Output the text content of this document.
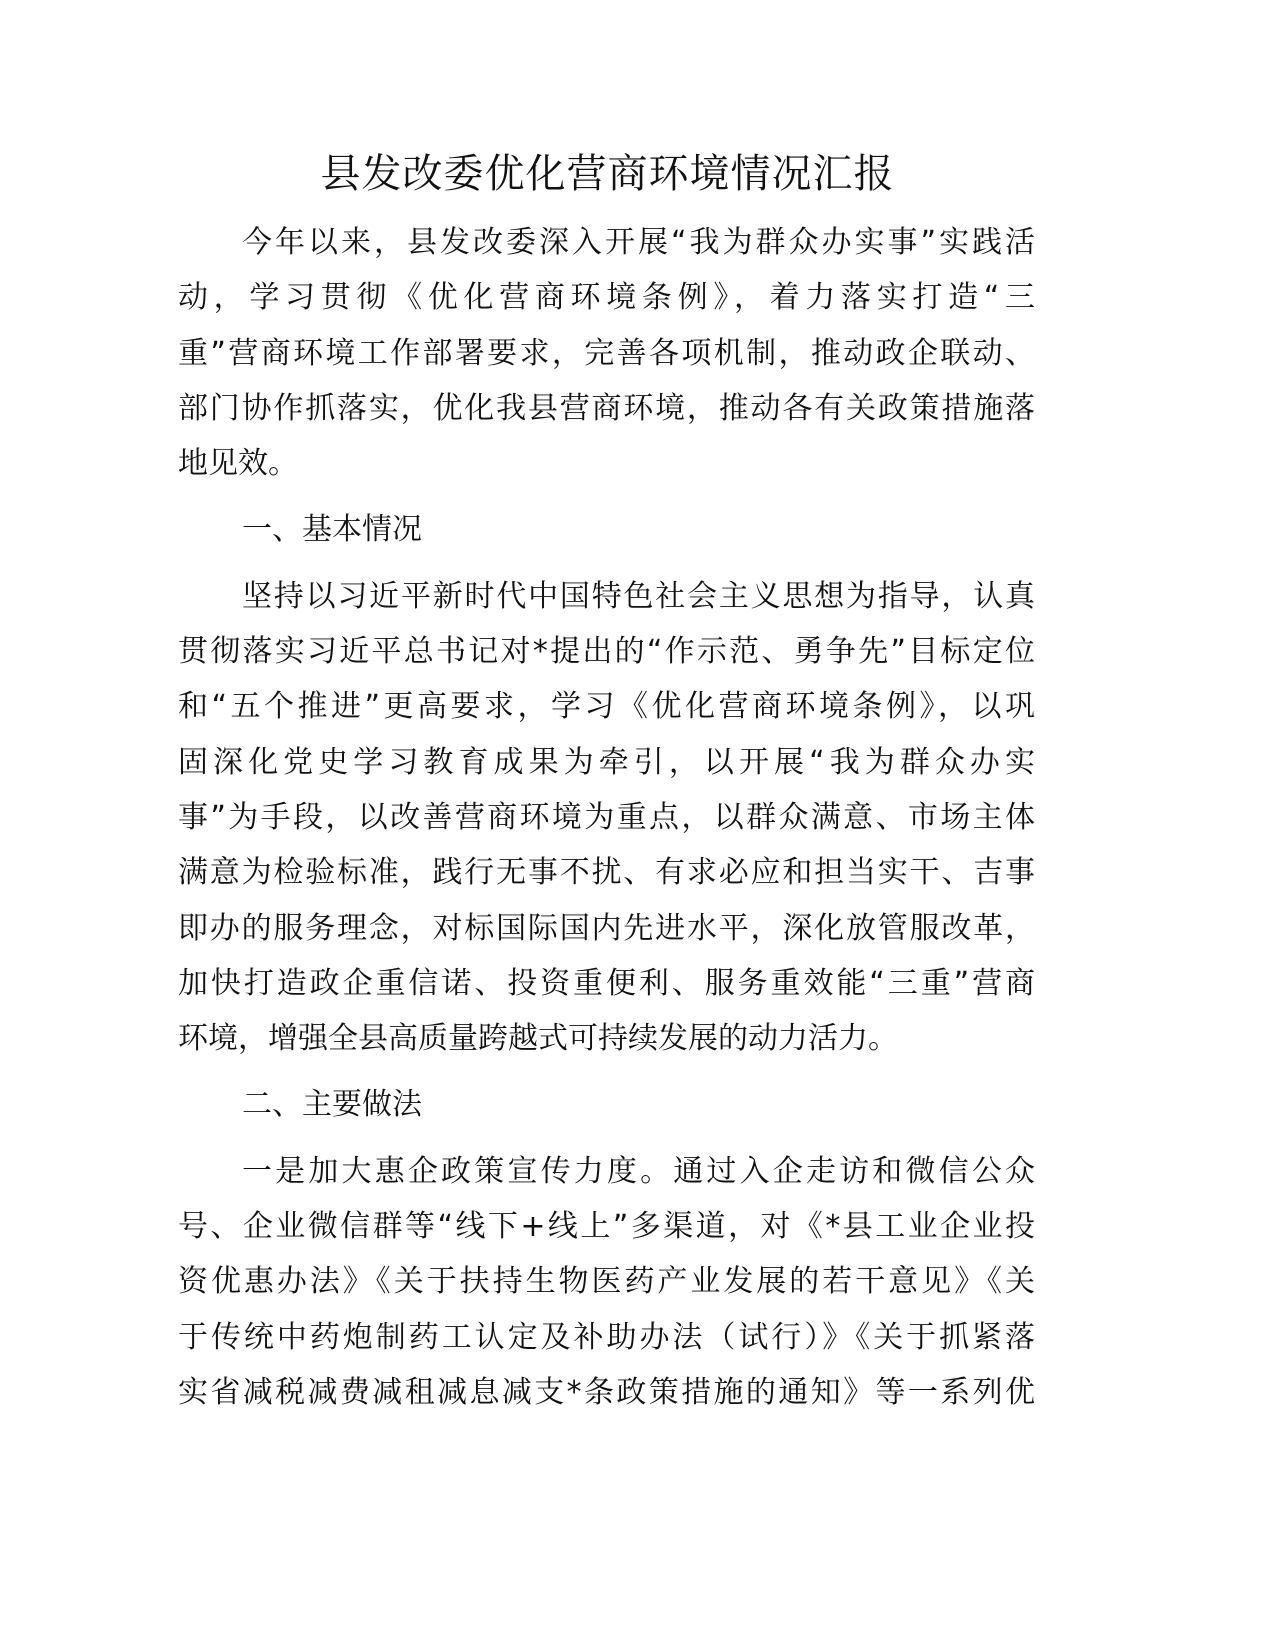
县发改委优化营商环境情况汇报
今年以来，县发改委深入开展“我为群众办实事”实践活
动，学习贯彻《优化营商环境条例》，着力落实打造“三
重”营商环境工作部署要求，完善各项机制，推动政企联动、
部门协作抓落实，优化我县营商环境，推动各有关政策措施落
地见效。
一、基本情况
坚持以习近平新时代中国特色社会主义思想为指导，认真
贯彻落实习近平总书记对*提出的“作示范、勇争先”目标定位
和“五个推进”更高要求，学习《优化营商环境条例》，以巩
固深化党史学习教育成果为牵引，以开展“我为群众办实
事”为手段，以改善营商环境为重点，以群众满意、市场主体
满意为检验标准，践行无事不扰、有求必应和担当实干、吉事
即办的服务理念，对标国际国内先进水平，深化放管服改革，
加快打造政企重信诺、投资重便利、服务重效能“三重”营商
环境，增强全县高质量跨越式可持续发展的动力活力。
二、主要做法
一是加大惠企政策宣传力度。通过入企走访和微信公众
号、企业微信群等“线下+线上”多渠道，对《*县工业企业投
资优惠办法》《关于扶持生物医药产业发展的若干意见》《关
于传统中药炮制药工认定及补助办法（试行）》《关于抓紧落
实省减税减费减租减息减支*条政策措施的通知》等一系列优
